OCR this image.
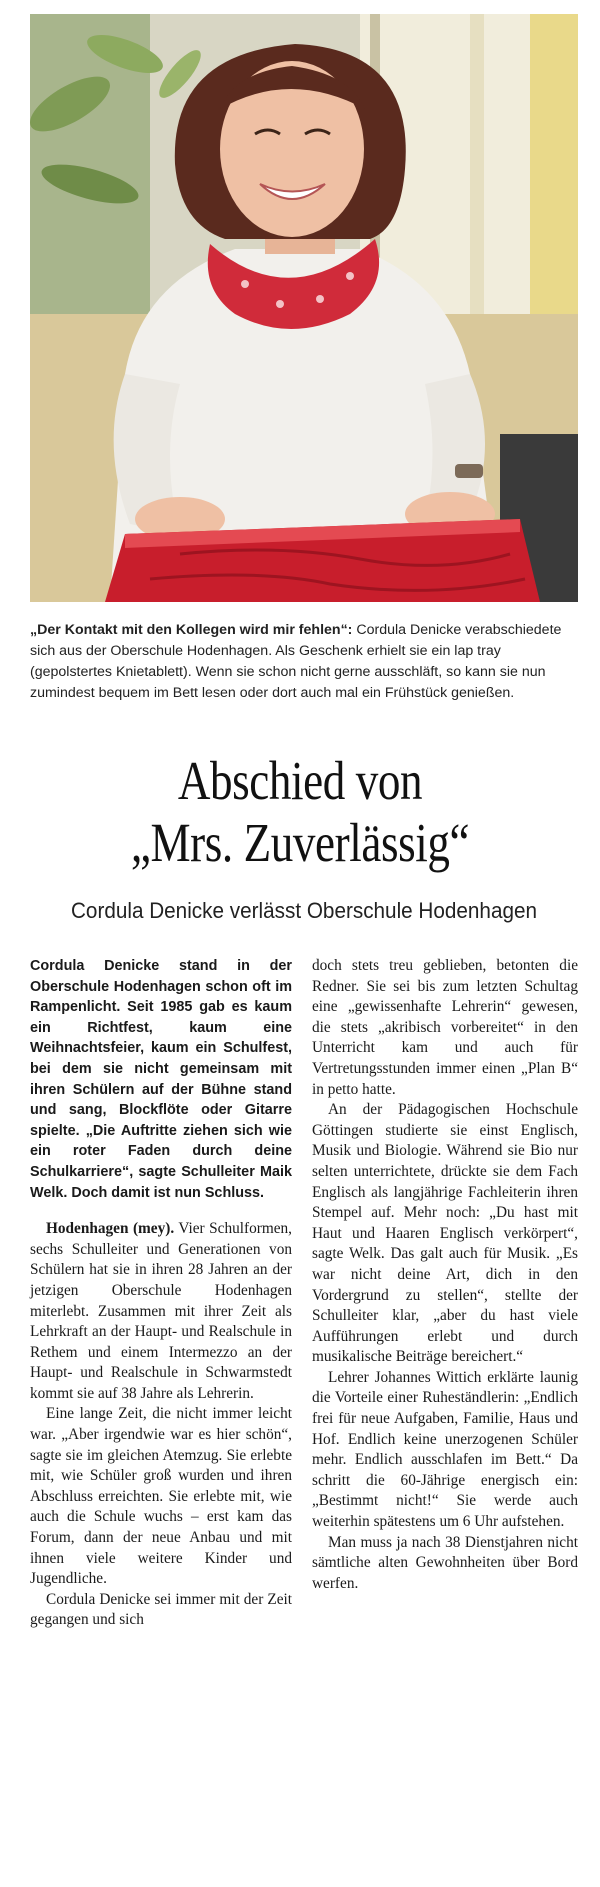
„Der Kontakt mit den Kollegen wird mir fehlen“: Cordula Denicke verabschiedete sich aus der Oberschule Hodenhagen. Als Geschenk erhielt sie ein lap tray (gepolstertes Knietablett). Wenn sie schon nicht gerne ausschläft, so kann sie nun zumindest bequem im Bett lesen oder dort auch mal ein Frühstück genießen.
Abschied von
„Mrs. Zuverlässig“
Cordula Denicke verlässt Oberschule Hodenhagen

Cordula Denicke stand in der Oberschule Hodenhagen schon oft im Rampenlicht. Seit 1985 gab es kaum ein Richtfest, kaum eine Weihnachtsfeier, kaum ein Schulfest, bei dem sie nicht gemeinsam mit ihren Schülern auf der Bühne stand und sang, Blockflöte oder Gitarre spielte. „Die Auftritte ziehen sich wie ein roter Faden durch deine Schulkarriere“, sagte Schulleiter Maik Welk. Doch damit ist nun Schluss.

Hodenhagen (mey). Vier Schulformen, sechs Schulleiter und Generationen von Schülern hat sie in ihren 28 Jahren an der jetzigen Oberschule Hodenhagen miterlebt. Zusammen mit ihrer Zeit als Lehrkraft an der Haupt- und Realschule in Rethem und einem Intermezzo an der Haupt- und Realschule in Schwarmstedt kommt sie auf 38 Jahre als Lehrerin.

Eine lange Zeit, die nicht immer leicht war. „Aber irgendwie war es hier schön“, sagte sie im gleichen Atemzug. Sie erlebte mit, wie Schüler groß wurden und ihren Abschluss erreichten. Sie erlebte mit, wie auch die Schule wuchs – erst kam das Forum, dann der neue Anbau und mit ihnen viele weitere Kinder und Jugendliche.

Cordula Denicke sei immer mit der Zeit gegangen und sich

doch stets treu geblieben, betonten die Redner. Sie sei bis zum letzten Schultag eine „gewissenhafte Lehrerin“ gewesen, die stets „akribisch vorbereitet“ in den Unterricht kam und auch für Vertretungsstunden immer einen „Plan B“ in petto hatte.

An der Pädagogischen Hochschule Göttingen studierte sie einst Englisch, Musik und Biologie. Während sie Bio nur selten unterrichtete, drückte sie dem Fach Englisch als langjährige Fachleiterin ihren Stempel auf. Mehr noch: „Du hast mit Haut und Haaren Englisch verkörpert“, sagte Welk. Das galt auch für Musik. „Es war nicht deine Art, dich in den Vordergrund zu stellen“, stellte der Schulleiter klar, „aber du hast viele Aufführungen erlebt und durch musikalische Beiträge bereichert.“

Lehrer Johannes Wittich erklärte launig die Vorteile einer Ruheständlerin: „Endlich frei für neue Aufgaben, Familie, Haus und Hof. Endlich keine unerzogenen Schüler mehr. Endlich ausschlafen im Bett.“ Da schritt die 60-Jährige energisch ein: „Bestimmt nicht!“ Sie werde auch weiterhin spätestens um 6 Uhr aufstehen.

Man muss ja nach 38 Dienstjahren nicht sämtliche alten Gewohnheiten über Bord werfen.
